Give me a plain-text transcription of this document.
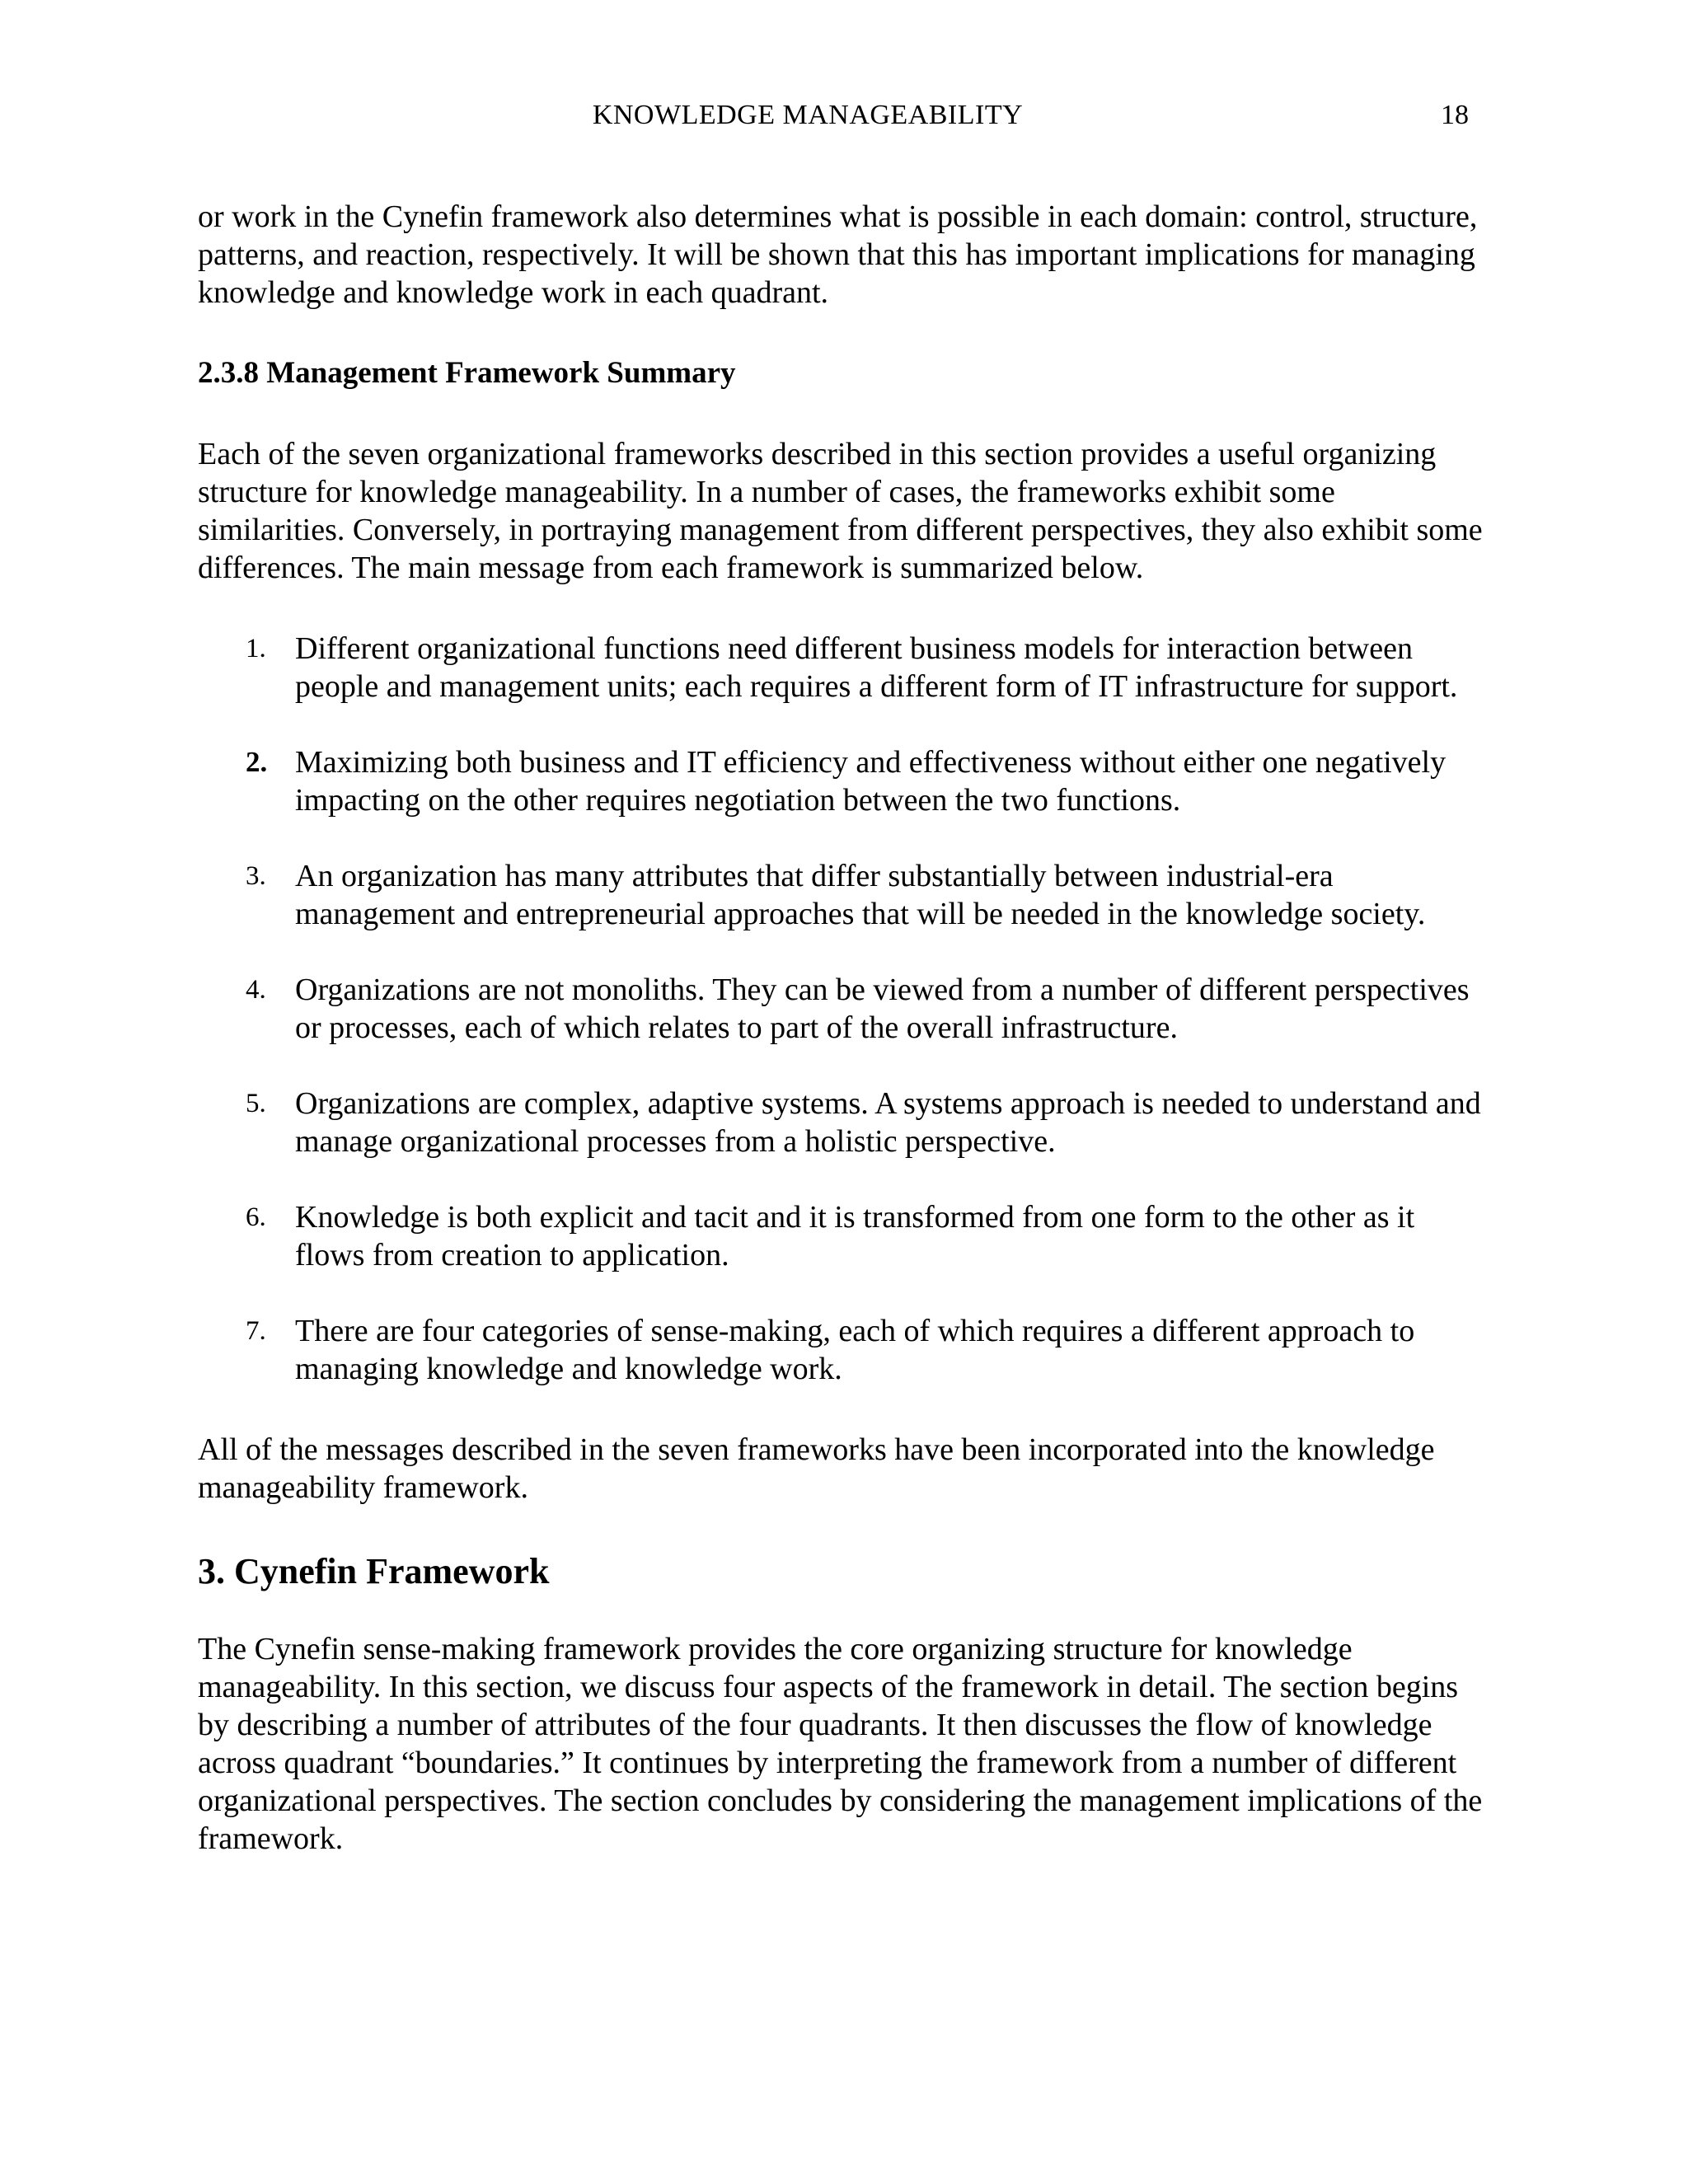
KNOWLEDGE MANAGEABILITY	18

or work in the Cynefin framework also determines what is possible in each domain: control, structure, patterns, and reaction, respectively. It will be shown that this has important implications for managing knowledge and knowledge work in each quadrant.

2.3.8 Management Framework Summary

Each of the seven organizational frameworks described in this section provides a useful organizing structure for knowledge manageability. In a number of cases, the frameworks exhibit some similarities. Conversely, in portraying management from different perspectives, they also exhibit some differences. The main message from each framework is summarized below.

1. Different organizational functions need different business models for interaction between people and management units; each requires a different form of IT infrastructure for support.
2. Maximizing both business and IT efficiency and effectiveness without either one negatively impacting on the other requires negotiation between the two functions.
3. An organization has many attributes that differ substantially between industrial-era management and entrepreneurial approaches that will be needed in the knowledge society.
4. Organizations are not monoliths. They can be viewed from a number of different perspectives or processes, each of which relates to part of the overall infrastructure.
5. Organizations are complex, adaptive systems. A systems approach is needed to understand and manage organizational processes from a holistic perspective.
6. Knowledge is both explicit and tacit and it is transformed from one form to the other as it flows from creation to application.
7. There are four categories of sense-making, each of which requires a different approach to managing knowledge and knowledge work.

All of the messages described in the seven frameworks have been incorporated into the knowledge manageability framework.

3. Cynefin Framework

The Cynefin sense-making framework provides the core organizing structure for knowledge manageability. In this section, we discuss four aspects of the framework in detail. The section begins by describing a number of attributes of the four quadrants. It then discusses the flow of knowledge across quadrant “boundaries.” It continues by interpreting the framework from a number of different organizational perspectives. The section concludes by considering the management implications of the framework.
